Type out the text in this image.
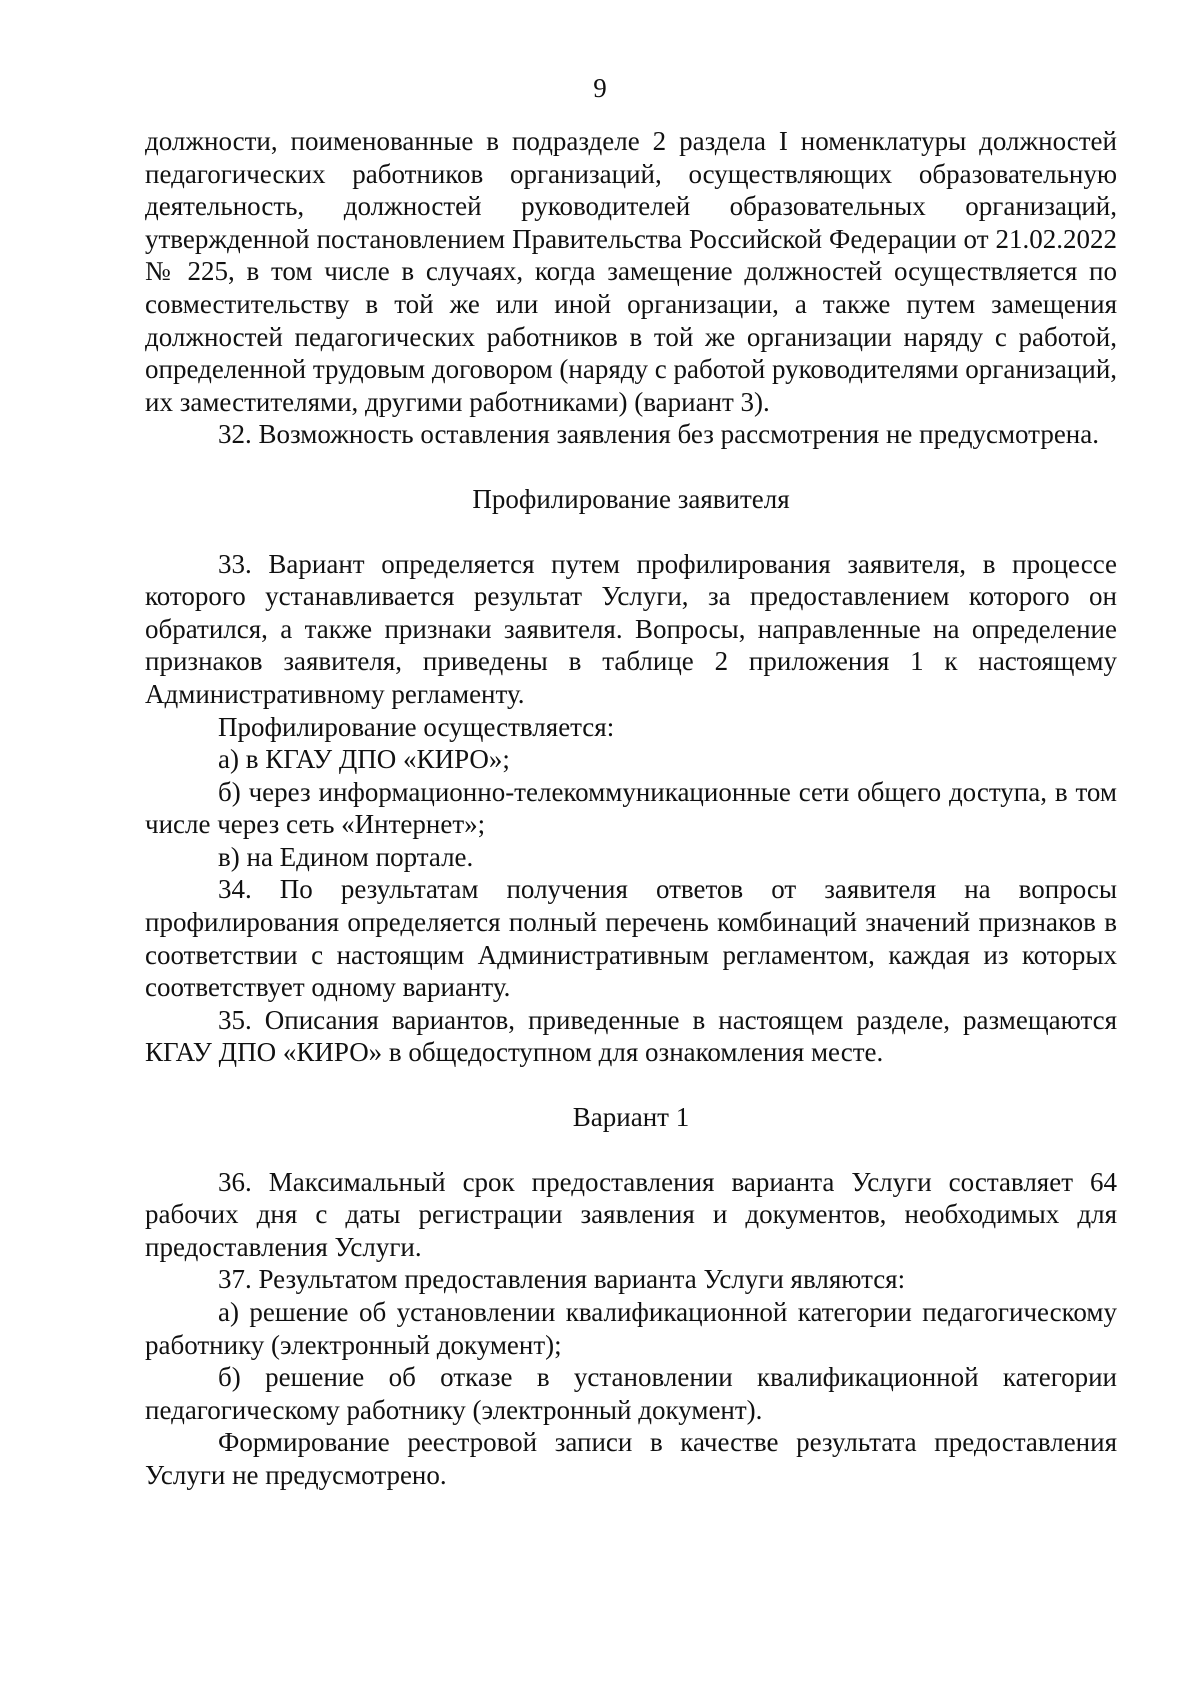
9

должности, поименованные в подразделе 2 раздела I номенклатуры должностей педагогических работников организаций, осуществляющих образовательную деятельность, должностей руководителей образовательных организаций, утвержденной постановлением Правительства Российской Федерации от 21.02.2022 № 225, в том числе в случаях, когда замещение должностей осуществляется по совместительству в той же или иной организации, а также путем замещения должностей педагогических работников в той же организации наряду с работой, определенной трудовым договором (наряду с работой руководителями организаций, их заместителями, другими работниками) (вариант 3).

32. Возможность оставления заявления без рассмотрения не предусмотрена.

Профилирование заявителя

33. Вариант определяется путем профилирования заявителя, в процессе которого устанавливается результат Услуги, за предоставлением которого он обратился, а также признаки заявителя. Вопросы, направленные на определение признаков заявителя, приведены в таблице 2 приложения 1 к настоящему Административному регламенту.

Профилирование осуществляется:

а) в КГАУ ДПО «КИРО»;

б) через информационно-телекоммуникационные сети общего доступа, в том числе через сеть «Интернет»;

в) на Едином портале.

34. По результатам получения ответов от заявителя на вопросы профилирования определяется полный перечень комбинаций значений признаков в соответствии с настоящим Административным регламентом, каждая из которых соответствует одному варианту.

35. Описания вариантов, приведенные в настоящем разделе, размещаются КГАУ ДПО «КИРО» в общедоступном для ознакомления месте.

Вариант 1

36. Максимальный срок предоставления варианта Услуги составляет 64 рабочих дня с даты регистрации заявления и документов, необходимых для предоставления Услуги.

37. Результатом предоставления варианта Услуги являются:

а) решение об установлении квалификационной категории педагогическому работнику (электронный документ);

б) решение об отказе в установлении квалификационной категории педагогическому работнику (электронный документ).

Формирование реестровой записи в качестве результата предоставления Услуги не предусмотрено.
